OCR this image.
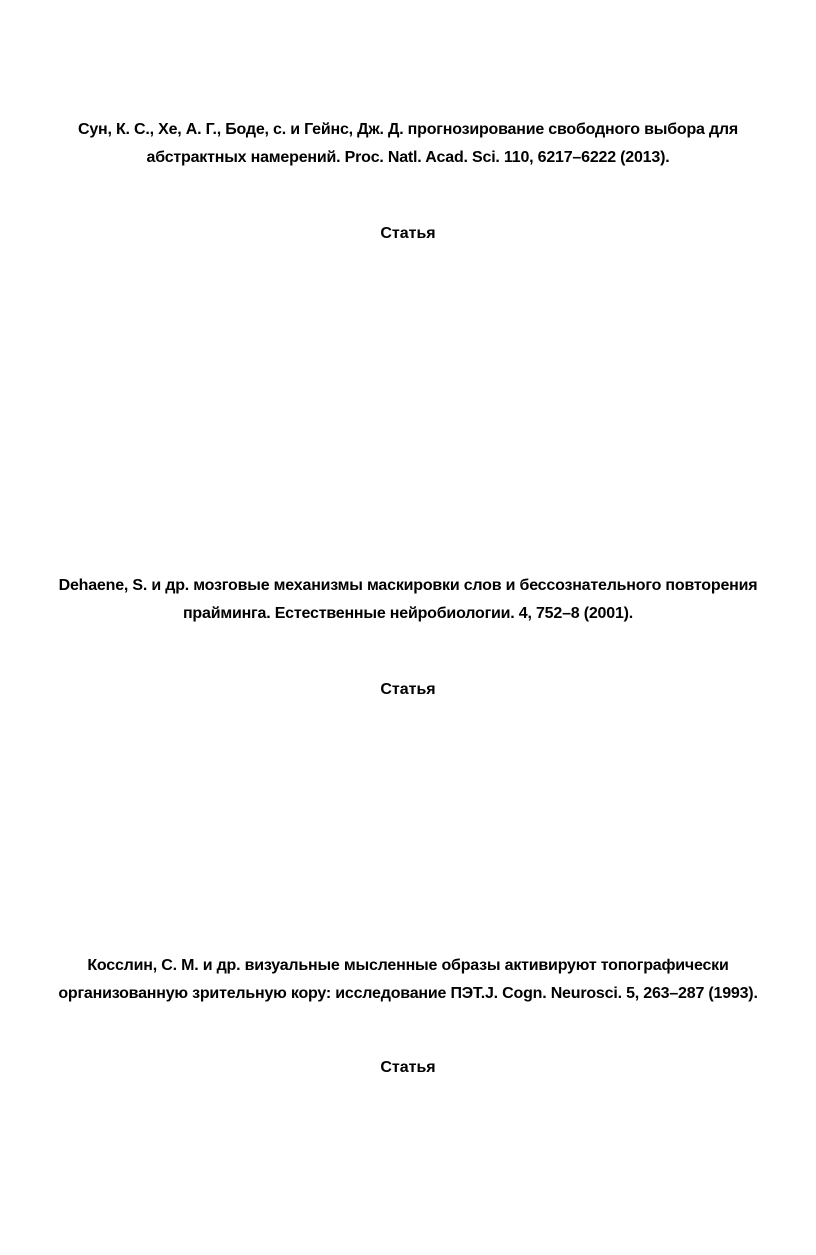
Сун, К. С., Хе, А. Г., Боде, с. и Гейнс, Дж. Д. прогнозирование свободного выбора для абстрактных намерений. Proc. Natl. Acad. Sci. 110, 6217–6222 (2013).

Статья

Dehaene, S. и др. мозговые механизмы маскировки слов и бессознательного повторения прайминга. Естественные нейробиологии. 4, 752–8 (2001).

Статья

Косслин, С. М. и др. визуальные мысленные образы активируют топографически организованную зрительную кору: исследование ПЭТ.J. Cogn. Neurosci. 5, 263–287 (1993).

Статья
